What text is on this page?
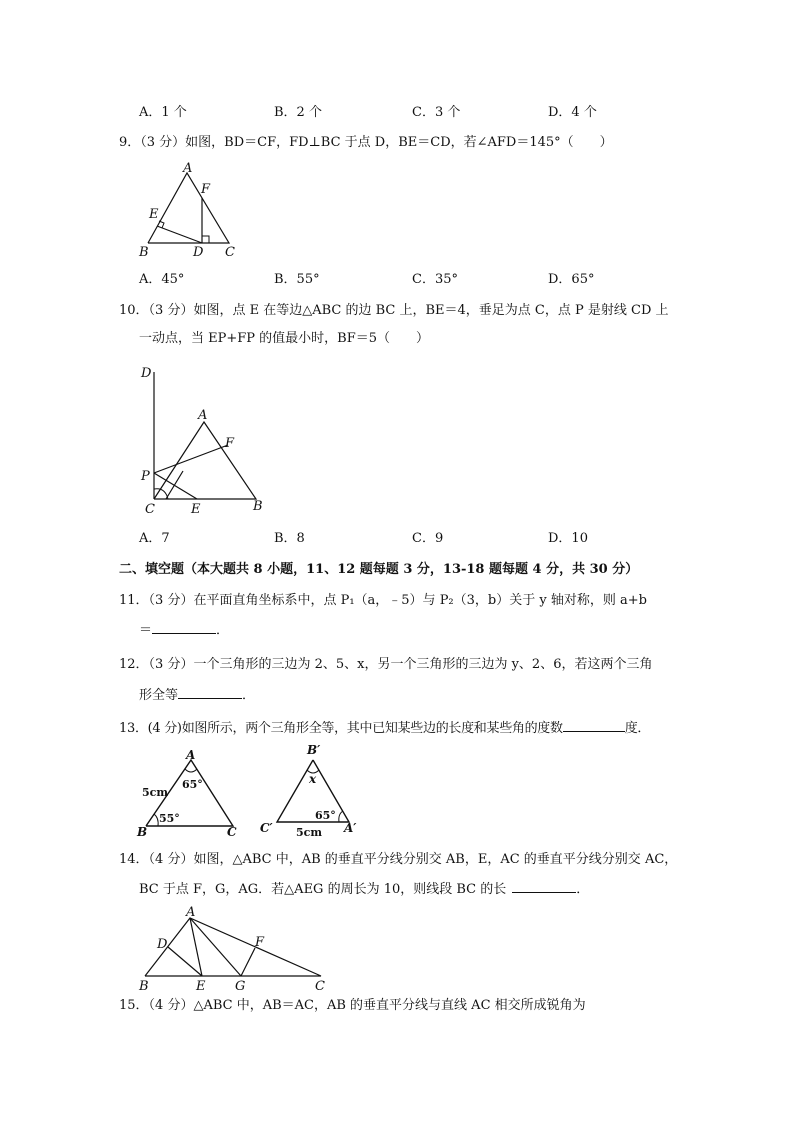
A．1 个	B．2 个	C．3 个	D．4 个
9．（3 分）如图，BD＝CF，FD⊥BC 于点 D，BE＝CD，若∠AFD＝145°（　　）
A
F
E
B	D C
A．45°	B．55°	C．35°	D．65°
10．（3 分）如图，点 E 在等边△ABC 的边 BC 上，BE＝4，垂足为点 C，点 P 是射线 CD 上
一动点，当 EP+FP 的值最小时，BF＝5（　　）
D
A
F
P
C	E	B
A．7	B．8	C．9	D．10
二、填空题（本大题共 8 小题，11、12 题每题 3 分，13-18 题每题 4 分，共 30 分）
11．（3 分）在平面直角坐标系中，点 P₁（a，﹣5）与 P₂（3，b）关于 y 轴对称，则 a+b
＝	．
12．（3 分）一个三角形的三边为 2、5、x，另一个三角形的三边为 y、2、6，若这两个三角
形全等	．
13．(4 分)如图所示，两个三角形全等，其中已知某些边的长度和某些角的度数	度．
A
B	C
5cm
65°
55°
B′
C′	A′
x
65°
5cm
14．（4 分）如图，△ABC 中，AB 的垂直平分线分别交 AB，E，AC 的垂直平分线分别交 AC，
BC 于点 F，G，AG．若△AEG 的周长为 10，则线段 BC 的长	．
A
D	F
B	E G	C
15．（4 分）△ABC 中，AB＝AC，AB 的垂直平分线与直线 AC 相交所成锐角为
